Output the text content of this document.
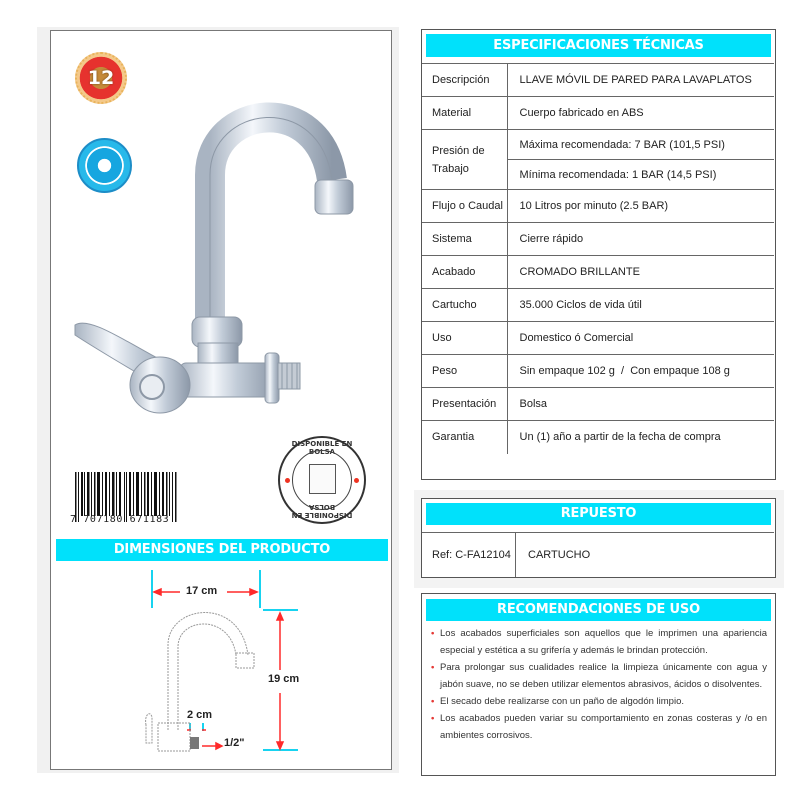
12
7 707180 671183
DISPONIBLE EN BOLSA
DISPONIBLE EN BOLSA
DIMENSIONES DEL PRODUCTO
17 cm
19 cm
2 cm
1/2"
ESPECIFICACIONES TÉCNICAS
Descripción	LLAVE MÓVIL DE PARED PARA LAVAPLATOS
Material	Cuerpo fabricado en ABS
Presión de Trabajo	Máxima recomendada: 7 BAR (101,5 PSI)
	Mínima recomendada: 1 BAR (14,5 PSI)
Flujo o Caudal	10 Litros por minuto (2.5 BAR)
Sistema	Cierre rápido
Acabado	CROMADO BRILLANTE
Cartucho	35.000 Ciclos de vida útil
Uso	Domestico ó Comercial
Peso	Sin empaque 102 g  /  Con empaque 108 g
Presentación	Bolsa
Garantia	Un (1) año a partir de la fecha de compra
REPUESTO
Ref: C-FA12104	CARTUCHO
RECOMENDACIONES DE USO
• Los acabados superficiales son aquellos que le imprimen una apariencia especial y estética a su grifería y además le brindan protección.
• Para prolongar sus cualidades realice la limpieza únicamente con agua y jabón suave, no se deben utilizar elementos abrasivos, ácidos o disolventes.
• El secado debe realizarse con un paño de algodón limpio.
• Los acabados pueden variar su comportamiento en zonas costeras y /o en ambientes corrosivos.
